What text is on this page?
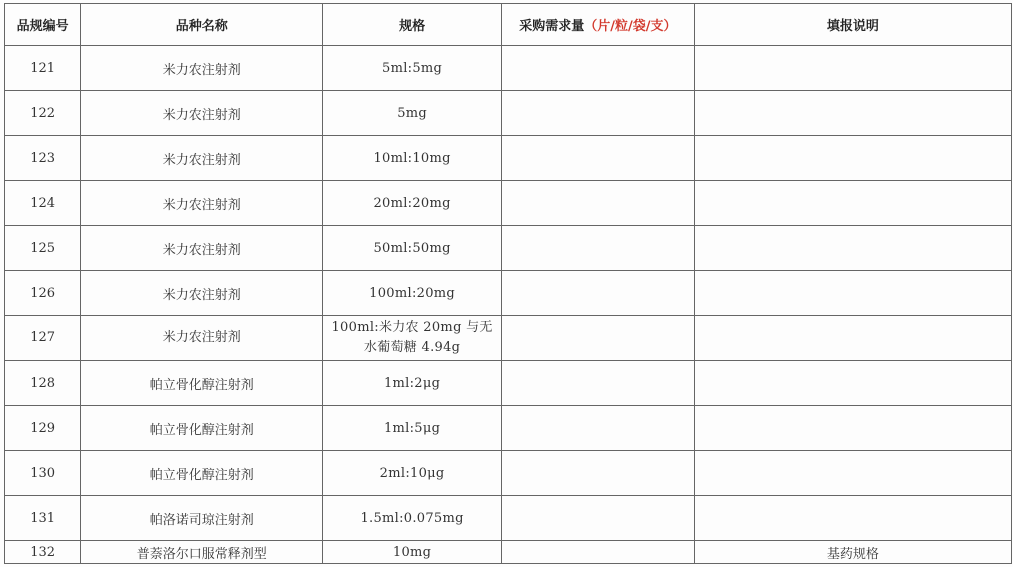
品规编号	品种名称	规格	采购需求量（片/粒/袋/支）	填报说明
121	米力农注射剂	5ml:5mg		
122	米力农注射剂	5mg		
123	米力农注射剂	10ml:10mg		
124	米力农注射剂	20ml:20mg		
125	米力农注射剂	50ml:50mg		
126	米力农注射剂	100ml:20mg		
127	米力农注射剂	100ml:米力农 20mg 与无水葡萄糖 4.94g		
128	帕立骨化醇注射剂	1ml:2μg		
129	帕立骨化醇注射剂	1ml:5μg		
130	帕立骨化醇注射剂	2ml:10μg		
131	帕洛诺司琼注射剂	1.5ml:0.075mg		
132	普萘洛尔口服常释剂型	10mg		基药规格
